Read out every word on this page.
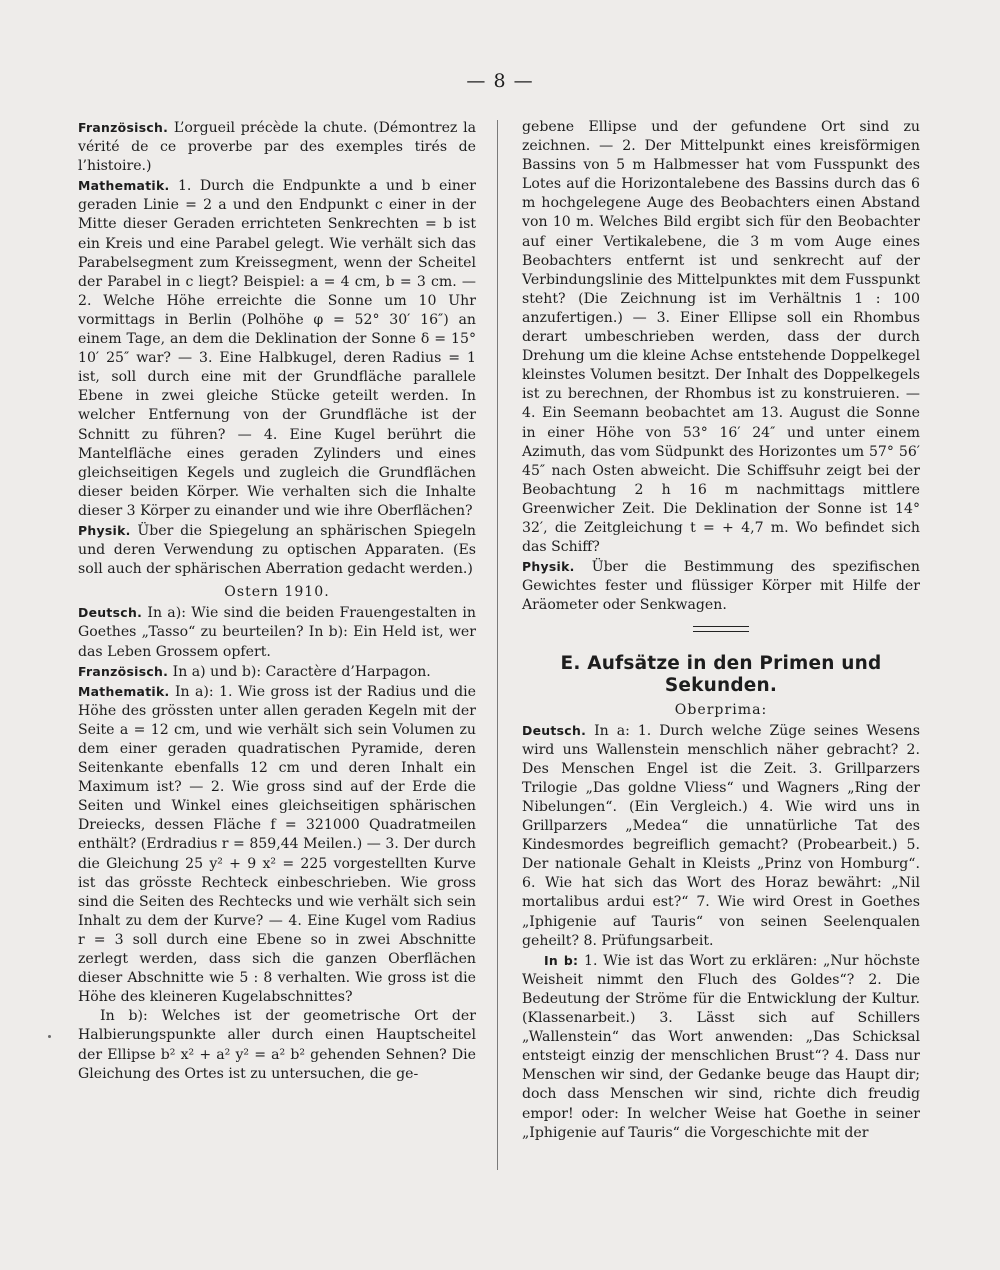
— 8 —

Französisch. L’orgueil précède la chute. (Démontrez la vérité de ce proverbe par des exemples tirés de l’histoire.)

Mathematik. 1. Durch die Endpunkte a und b einer geraden Linie = 2 a und den Endpunkt c einer in der Mitte dieser Geraden errichteten Senkrechten = b ist ein Kreis und eine Parabel gelegt. Wie verhält sich das Parabelsegment zum Kreissegment, wenn der Scheitel der Parabel in c liegt? Beispiel: a = 4 cm, b = 3 cm. — 2. Welche Höhe erreichte die Sonne um 10 Uhr vormittags in Berlin (Polhöhe φ = 52° 30′ 16″) an einem Tage, an dem die Deklination der Sonne δ = 15° 10′ 25″ war? — 3. Eine Halbkugel, deren Radius = 1 ist, soll durch eine mit der Grundfläche parallele Ebene in zwei gleiche Stücke geteilt werden. In welcher Entfernung von der Grundfläche ist der Schnitt zu führen? — 4. Eine Kugel berührt die Mantelfläche eines geraden Zylinders und eines gleichseitigen Kegels und zugleich die Grundflächen dieser beiden Körper. Wie verhalten sich die Inhalte dieser 3 Körper zu einander und wie ihre Oberflächen?

Physik. Über die Spiegelung an sphärischen Spiegeln und deren Verwendung zu optischen Apparaten. (Es soll auch der sphärischen Aberration gedacht werden.)

Ostern 1910.

Deutsch. In a): Wie sind die beiden Frauengestalten in Goethes „Tasso“ zu beurteilen? In b): Ein Held ist, wer das Leben Grossem opfert.

Französisch. In a) und b): Caractère d’Harpagon.

Mathematik. In a): 1. Wie gross ist der Radius und die Höhe des grössten unter allen geraden Kegeln mit der Seite a = 12 cm, und wie verhält sich sein Volumen zu dem einer geraden quadratischen Pyramide, deren Seitenkante ebenfalls 12 cm und deren Inhalt ein Maximum ist? — 2. Wie gross sind auf der Erde die Seiten und Winkel eines gleichseitigen sphärischen Dreiecks, dessen Fläche f = 321000 Quadratmeilen enthält? (Erdradius r = 859,44 Meilen.) — 3. Der durch die Gleichung 25 y² + 9 x² = 225 vorgestellten Kurve ist das grösste Rechteck einbeschrieben. Wie gross sind die Seiten des Rechtecks und wie verhält sich sein Inhalt zu dem der Kurve? — 4. Eine Kugel vom Radius r = 3 soll durch eine Ebene so in zwei Abschnitte zerlegt werden, dass sich die ganzen Oberflächen dieser Abschnitte wie 5 : 8 verhalten. Wie gross ist die Höhe des kleineren Kugelabschnittes?

In b): Welches ist der geometrische Ort der Halbierungspunkte aller durch einen Hauptscheitel der Ellipse b² x² + a² y² = a² b² gehenden Sehnen? Die Gleichung des Ortes ist zu untersuchen, die ge-

gebene Ellipse und der gefundene Ort sind zu zeichnen. — 2. Der Mittelpunkt eines kreisförmigen Bassins von 5 m Halbmesser hat vom Fusspunkt des Lotes auf die Horizontalebene des Bassins durch das 6 m hochgelegene Auge des Beobachters einen Abstand von 10 m. Welches Bild ergibt sich für den Beobachter auf einer Vertikalebene, die 3 m vom Auge eines Beobachters entfernt ist und senkrecht auf der Verbindungslinie des Mittelpunktes mit dem Fusspunkt steht? (Die Zeichnung ist im Verhältnis 1 : 100 anzufertigen.) — 3. Einer Ellipse soll ein Rhombus derart umbeschrieben werden, dass der durch Drehung um die kleine Achse entstehende Doppelkegel kleinstes Volumen besitzt. Der Inhalt des Doppelkegels ist zu berechnen, der Rhombus ist zu konstruieren. — 4. Ein Seemann beobachtet am 13. August die Sonne in einer Höhe von 53° 16′ 24″ und unter einem Azimuth, das vom Südpunkt des Horizontes um 57° 56′ 45″ nach Osten abweicht. Die Schiffsuhr zeigt bei der Beobachtung 2 h 16 m nachmittags mittlere Greenwicher Zeit. Die Deklination der Sonne ist 14° 32′, die Zeitgleichung t = + 4,7 m. Wo befindet sich das Schiff?

Physik. Über die Bestimmung des spezifischen Gewichtes fester und flüssiger Körper mit Hilfe der Aräometer oder Senkwagen.

E. Aufsätze in den Primen und Sekunden.

Oberprima:

Deutsch. In a: 1. Durch welche Züge seines Wesens wird uns Wallenstein menschlich näher gebracht? 2. Des Menschen Engel ist die Zeit. 3. Grillparzers Trilogie „Das goldne Vliess“ und Wagners „Ring der Nibelungen“. (Ein Vergleich.) 4. Wie wird uns in Grillparzers „Medea“ die unnatürliche Tat des Kindesmordes begreiflich gemacht? (Probearbeit.) 5. Der nationale Gehalt in Kleists „Prinz von Homburg“. 6. Wie hat sich das Wort des Horaz bewährt: „Nil mortalibus ardui est?“ 7. Wie wird Orest in Goethes „Iphigenie auf Tauris“ von seinen Seelenqualen geheilt? 8. Prüfungsarbeit.

In b: 1. Wie ist das Wort zu erklären: „Nur höchste Weisheit nimmt den Fluch des Goldes“? 2. Die Bedeutung der Ströme für die Entwicklung der Kultur. (Klassenarbeit.) 3. Lässt sich auf Schillers „Wallenstein“ das Wort anwenden: „Das Schicksal entsteigt einzig der menschlichen Brust“? 4. Dass nur Menschen wir sind, der Gedanke beuge das Haupt dir; doch dass Menschen wir sind, richte dich freudig empor! oder: In welcher Weise hat Goethe in seiner „Iphigenie auf Tauris“ die Vorgeschichte mit der
